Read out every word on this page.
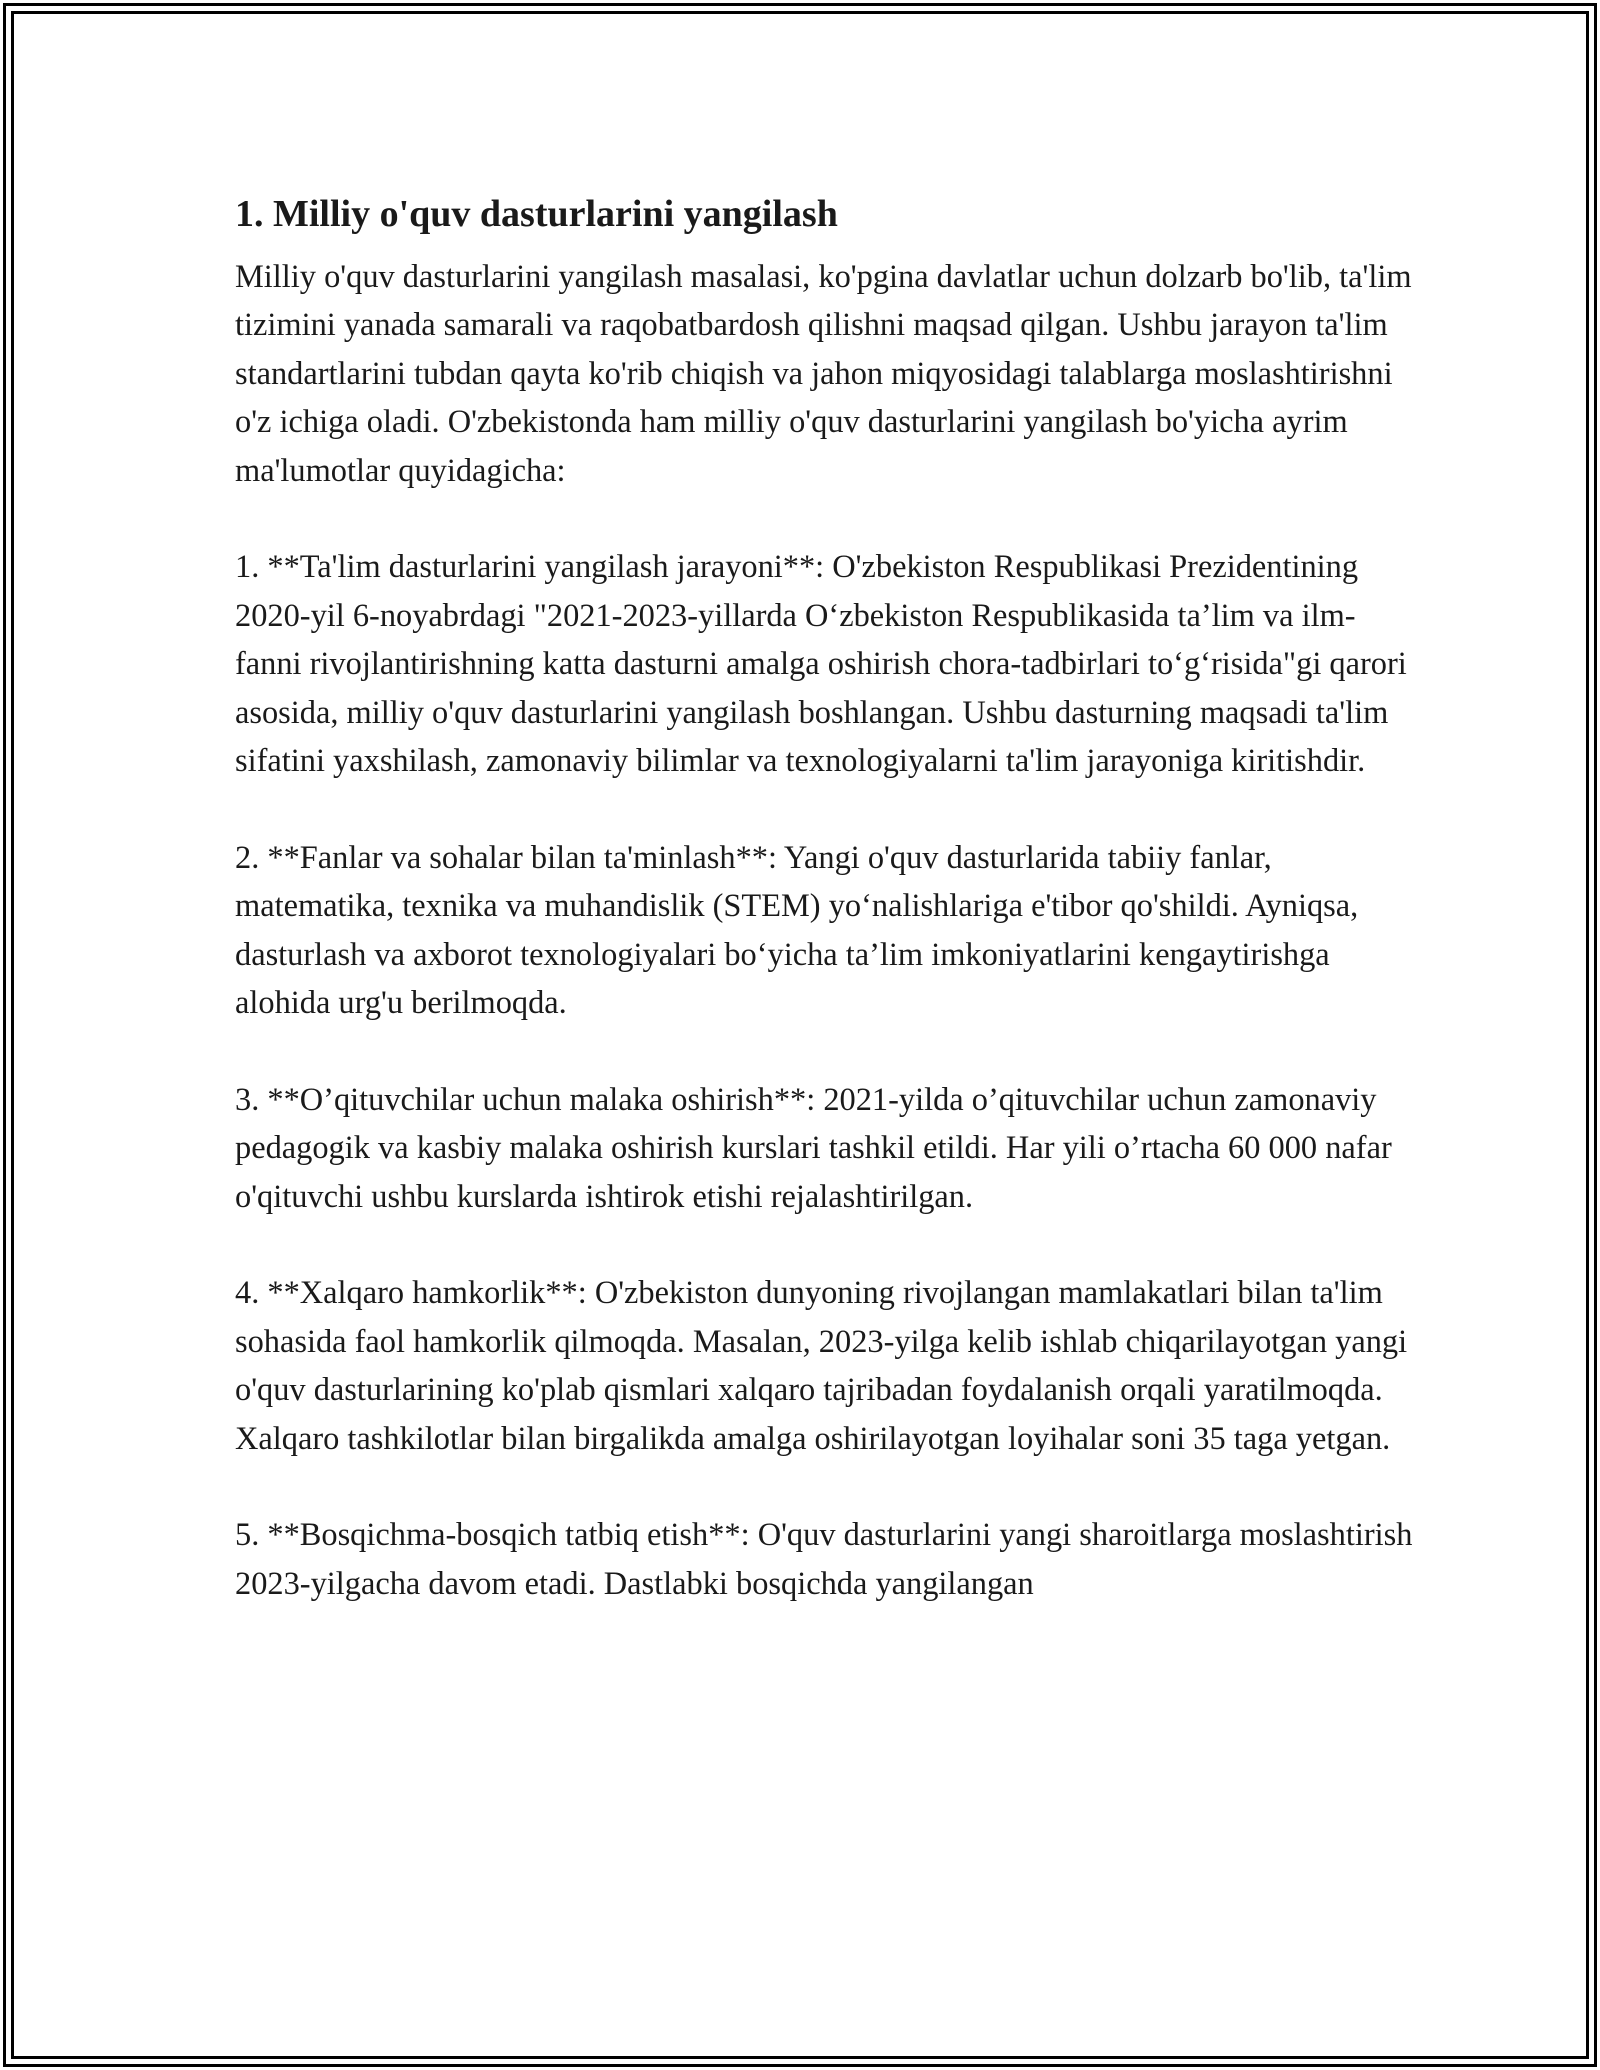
1. Milliy o'quv dasturlarini yangilash

Milliy o'quv dasturlarini yangilash masalasi, ko'pgina davlatlar uchun dolzarb bo'lib, ta'lim tizimini yanada samarali va raqobatbardosh qilishni maqsad qilgan. Ushbu jarayon ta'lim standartlarini tubdan qayta ko'rib chiqish va jahon miqyosidagi talablarga moslashtirishni o'z ichiga oladi. O'zbekistonda ham milliy o'quv dasturlarini yangilash bo'yicha ayrim ma'lumotlar quyidagicha:

1. **Ta'lim dasturlarini yangilash jarayoni**: O'zbekiston Respublikasi Prezidentining 2020-yil 6-noyabrdagi "2021-2023-yillarda O‘zbekiston Respublikasida ta’lim va ilm-fanni rivojlantirishning katta dasturni amalga oshirish chora-tadbirlari to‘g‘risida"gi qarori asosida, milliy o'quv dasturlarini yangilash boshlangan. Ushbu dasturning maqsadi ta'lim sifatini yaxshilash, zamonaviy bilimlar va texnologiyalarni ta'lim jarayoniga kiritishdir.

2. **Fanlar va sohalar bilan ta'minlash**: Yangi o'quv dasturlarida tabiiy fanlar, matematika, texnika va muhandislik (STEM) yo‘nalishlariga e'tibor qo'shildi. Ayniqsa, dasturlash va axborot texnologiyalari bo‘yicha ta’lim imkoniyatlarini kengaytirishga alohida urg'u berilmoqda.

3. **O’qituvchilar uchun malaka oshirish**: 2021-yilda o’qituvchilar uchun zamonaviy pedagogik va kasbiy malaka oshirish kurslari tashkil etildi. Har yili o’rtacha 60 000 nafar o'qituvchi ushbu kurslarda ishtirok etishi rejalashtirilgan.

4. **Xalqaro hamkorlik**: O'zbekiston dunyoning rivojlangan mamlakatlari bilan ta'lim sohasida faol hamkorlik qilmoqda. Masalan, 2023-yilga kelib ishlab chiqarilayotgan yangi o'quv dasturlarining ko'plab qismlari xalqaro tajribadan foydalanish orqali yaratilmoqda. Xalqaro tashkilotlar bilan birgalikda amalga oshirilayotgan loyihalar soni 35 taga yetgan.

5. **Bosqichma-bosqich tatbiq etish**: O'quv dasturlarini yangi sharoitlarga moslashtirish 2023-yilgacha davom etadi. Dastlabki bosqichda yangilangan
